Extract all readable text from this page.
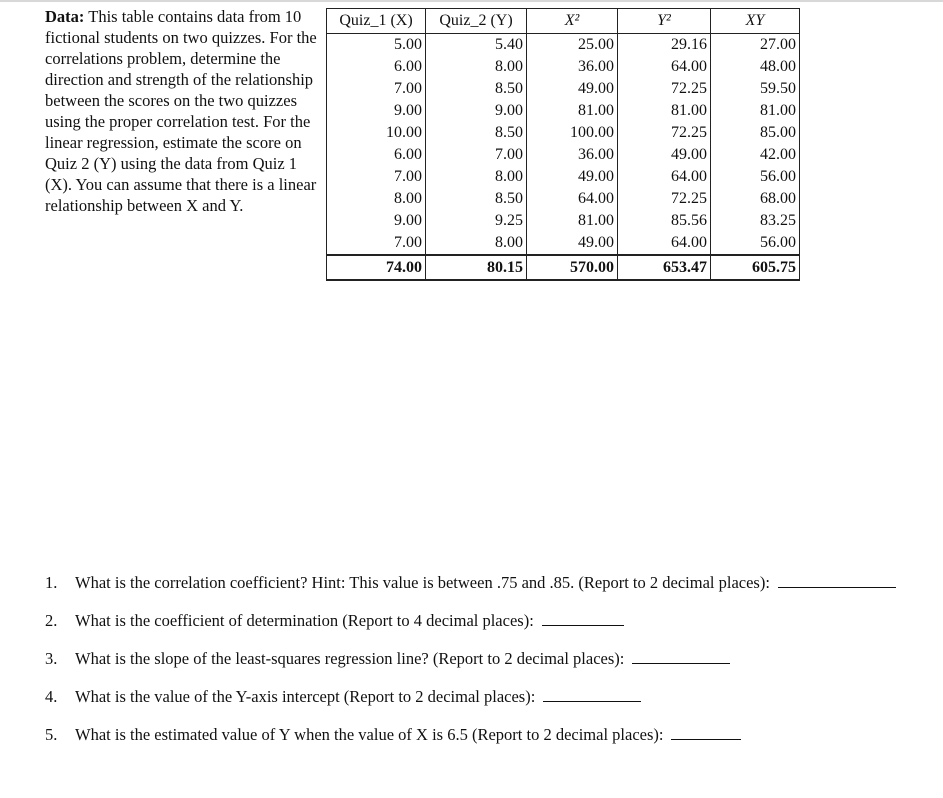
Data: This table contains data from 10 fictional students on two quizzes. For the correlations problem, determine the direction and strength of the relationship between the scores on the two quizzes using the proper correlation test. For the linear regression, estimate the score on Quiz 2 (Y) using the data from Quiz 1 (X). You can assume that there is a linear relationship between X and Y.
Quiz_1 (X)	Quiz_2 (Y)	X²	Y²	XY
5.00	5.40	25.00	29.16	27.00
6.00	8.00	36.00	64.00	48.00
7.00	8.50	49.00	72.25	59.50
9.00	9.00	81.00	81.00	81.00
10.00	8.50	100.00	72.25	85.00
6.00	7.00	36.00	49.00	42.00
7.00	8.00	49.00	64.00	56.00
8.00	8.50	64.00	72.25	68.00
9.00	9.25	81.00	85.56	83.25
7.00	8.00	49.00	64.00	56.00
74.00	80.15	570.00	653.47	605.75
1. What is the correlation coefficient? Hint: This value is between .75 and .85. (Report to 2 decimal places):
2. What is the coefficient of determination (Report to 4 decimal places):
3. What is the slope of the least-squares regression line? (Report to 2 decimal places):
4. What is the value of the Y-axis intercept (Report to 2 decimal places):
5. What is the estimated value of Y when the value of X is 6.5 (Report to 2 decimal places):
